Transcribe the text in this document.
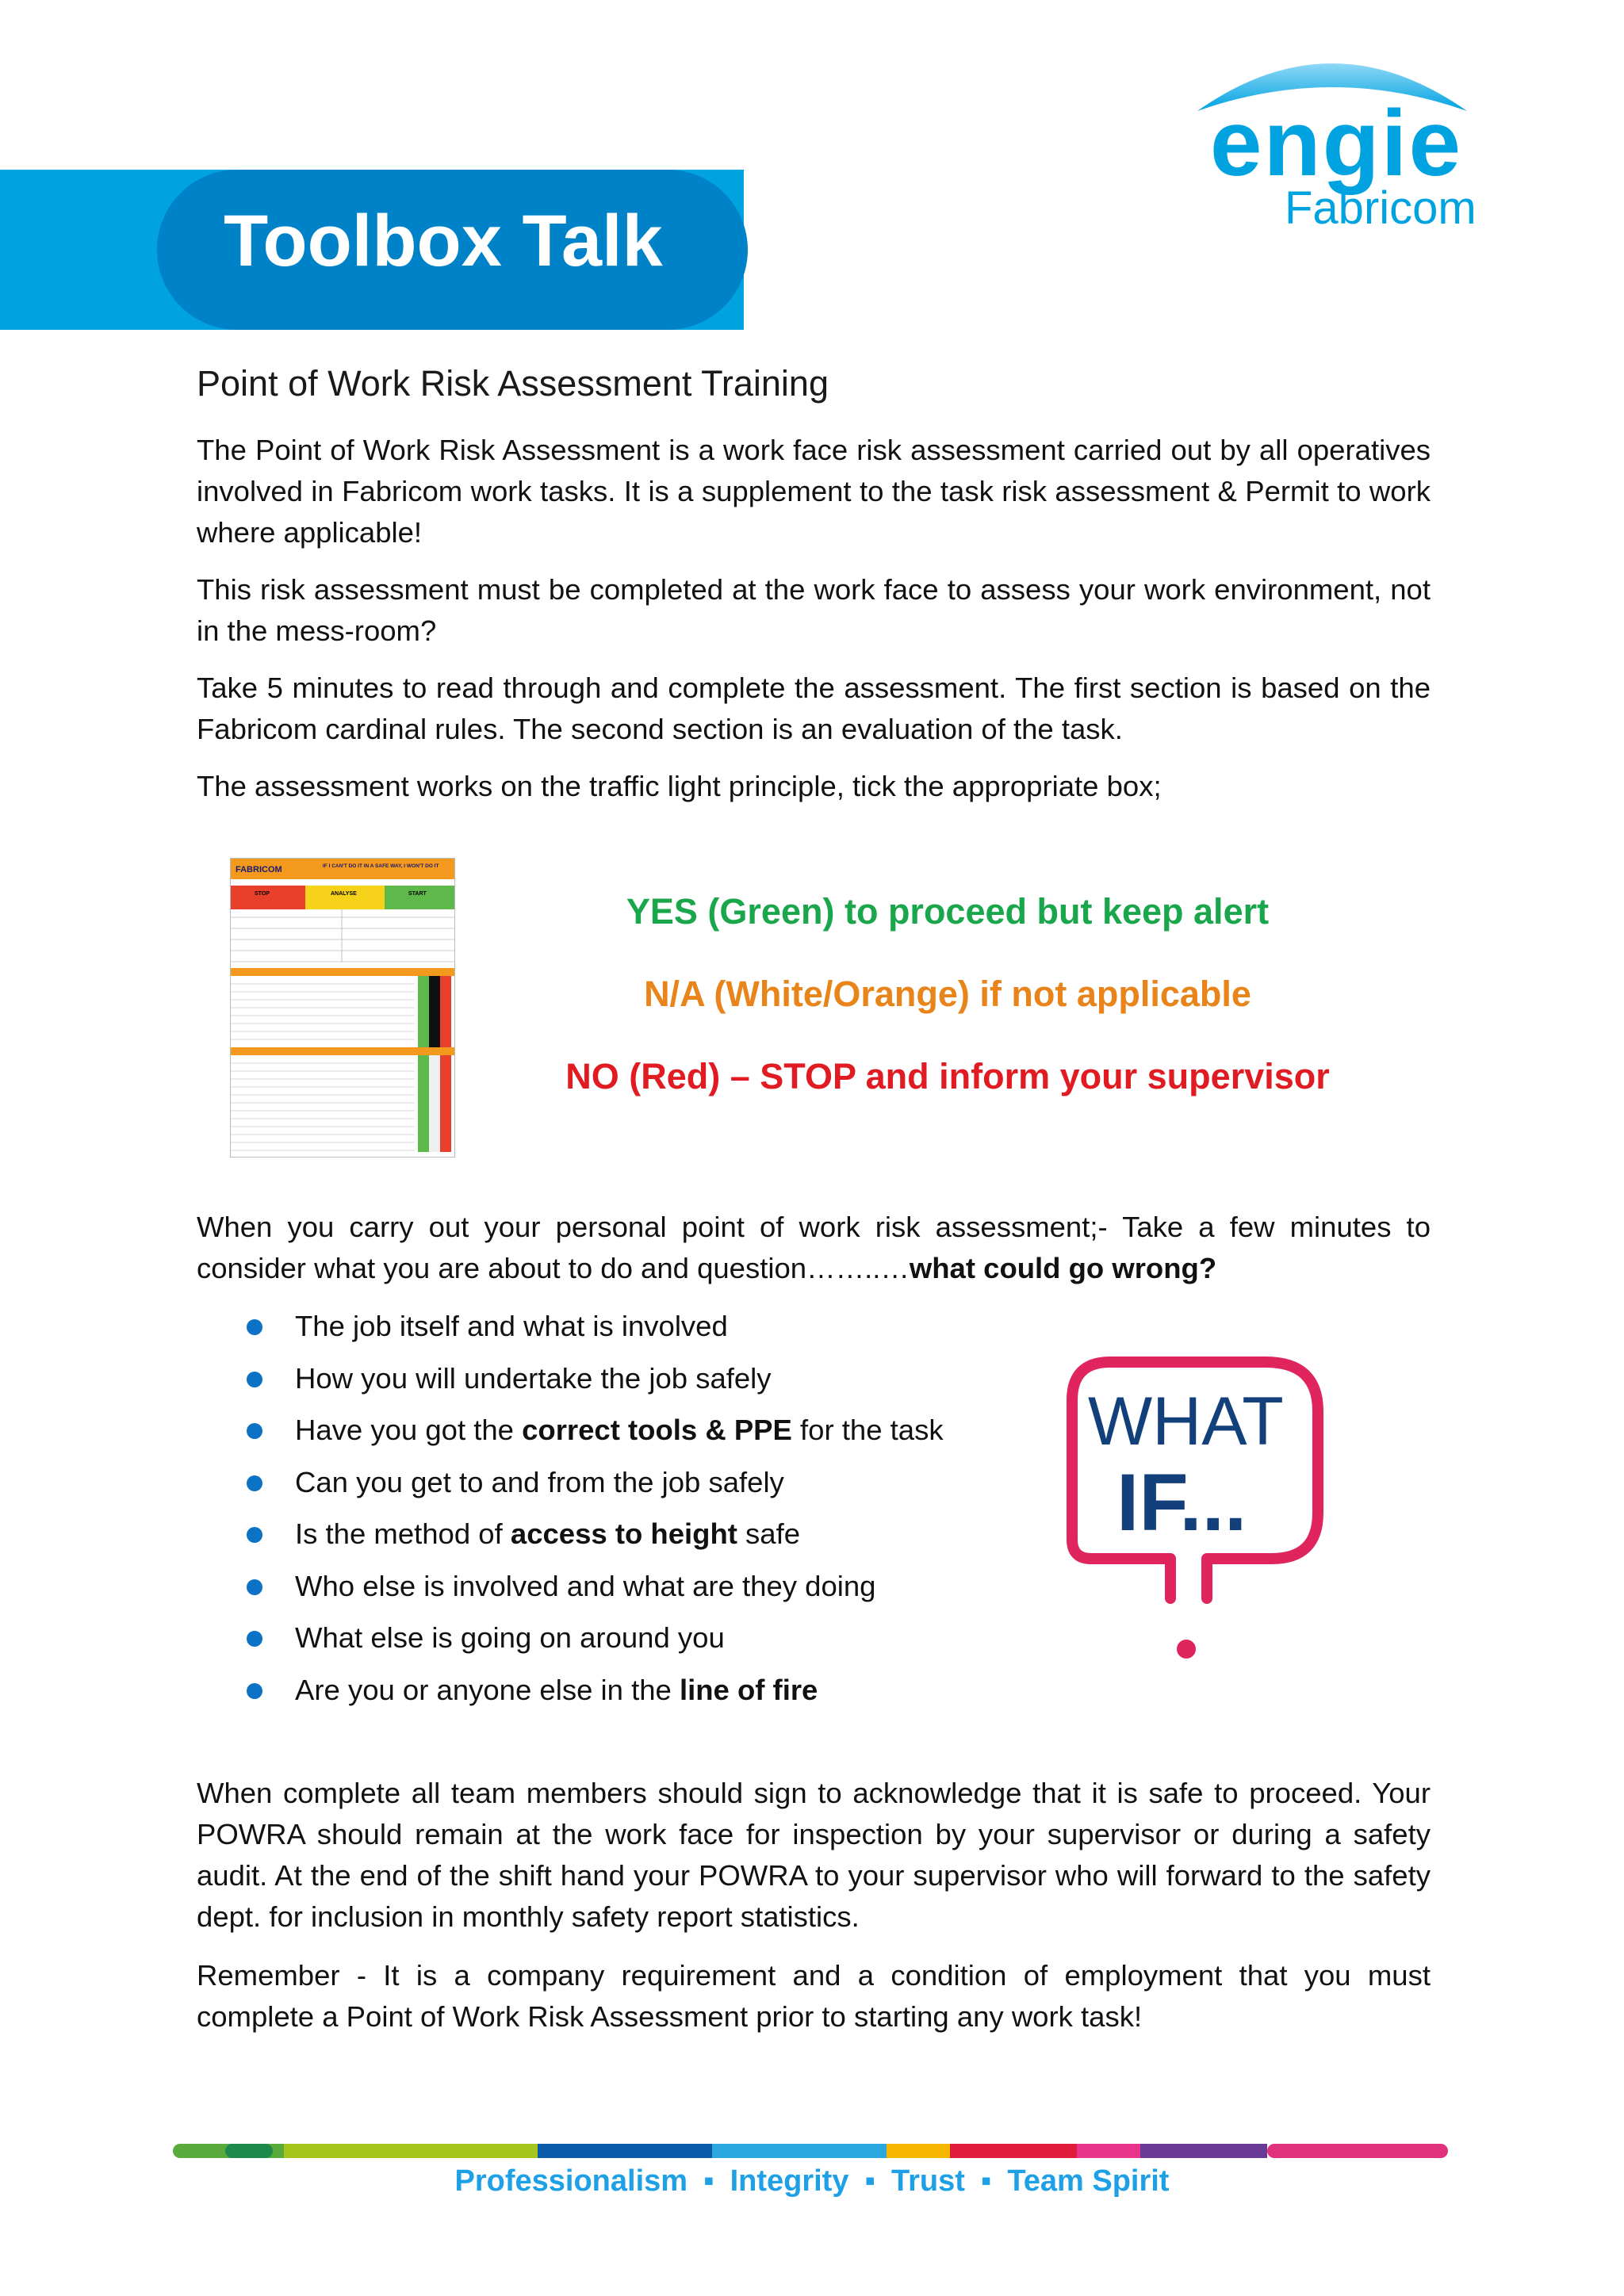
Toolbox Talk
engie
Fabricom
Point of Work Risk Assessment Training

The Point of Work Risk Assessment is a work face risk assessment carried out by all operatives involved in Fabricom work tasks. It is a supplement to the task risk assessment & Permit to work where applicable!

This risk assessment must be completed at the work face to assess your work environment, not in the mess-room?

Take 5 minutes to read through and complete the assessment. The first section is based on the Fabricom cardinal rules. The second section is an evaluation of the task.

The assessment works on the traffic light principle, tick the appropriate box;

FABRICOM	IF I CAN'T DO IT IN A SAFE WAY, I WON'T DO IT
STOP	ANALYSE	START	YES (Green) to proceed but keep alert
N/A (White/Orange) if not applicable
NO (Red) – STOP and inform your supervisor

When you carry out your personal point of work risk assessment;- Take a few minutes to consider what you are about to do and question……..…what could go wrong?

The job itself and what is involved
How you will undertake the job safely
Have you got the correct tools & PPE for the task
Can you get to and from the job safely
Is the method of access to height safe
Who else is involved and what are they doing
What else is going on around you
Are you or anyone else in the line of fire
WHAT
IF...

When complete all team members should sign to acknowledge that it is safe to proceed. Your POWRA should remain at the work face for inspection by your supervisor or during a safety audit. At the end of the shift hand your POWRA to your supervisor who will forward to the safety dept. for inclusion in monthly safety report statistics.

Remember - It is a company requirement and a condition of employment that you must complete a Point of Work Risk Assessment prior to starting any work task!

Professionalism ▪ Integrity ▪ Trust ▪ Team Spirit
